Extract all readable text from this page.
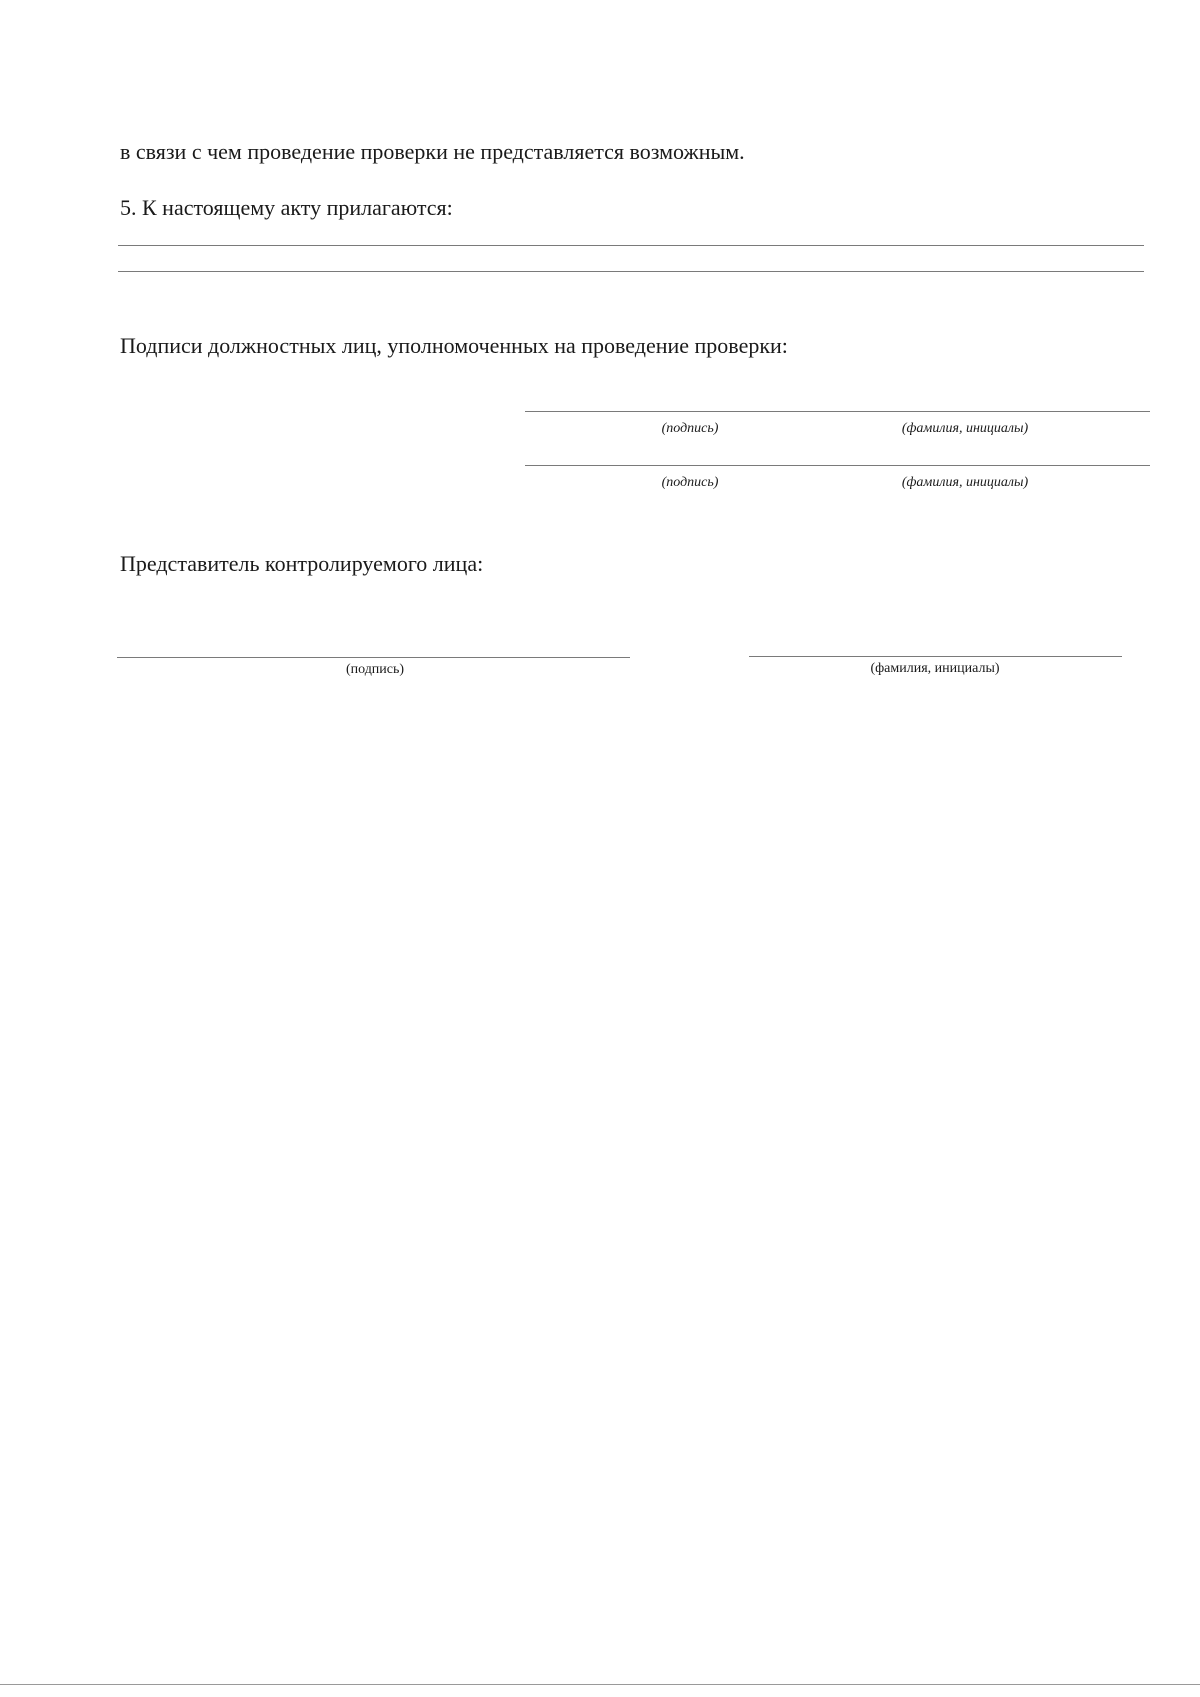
в связи с чем проведение проверки не представляется возможным.
5. К настоящему акту прилагаются:
Подписи должностных лиц, уполномоченных на проведение проверки:
(подпись)	(фамилия, инициалы)
(подпись)	(фамилия, инициалы)
Представитель контролируемого лица:
(подпись)	(фамилия, инициалы)
